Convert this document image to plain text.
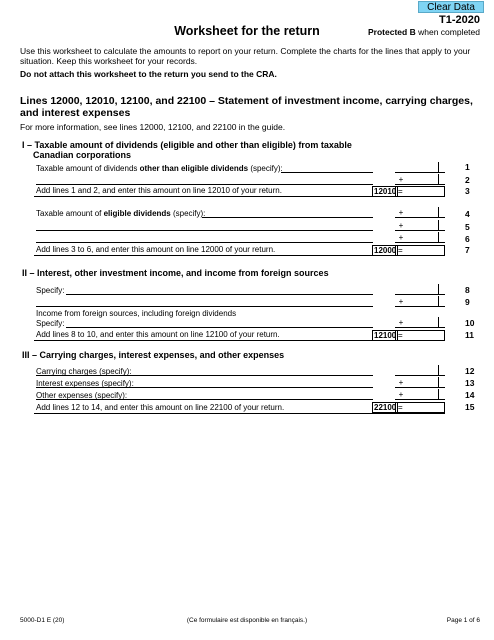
Clear Data
T1-2020
Protected B when completed
Worksheet for the return
Use this worksheet to calculate the amounts to report on your return. Complete the charts for the lines that apply to your situation. Keep this worksheet for your records.
Do not attach this worksheet to the return you send to the CRA.
Lines 12000, 12010, 12100, and 22100 – Statement of investment income, carrying charges, and interest expenses
For more information, see lines 12000, 12100, and 22100 in the guide.
I – Taxable amount of dividends (eligible and other than eligible) from taxable
Canadian corporations
Taxable amount of dividends other than eligible dividends (specify):	1
+	2
Add lines 1 and 2, and enter this amount on line 12010 of your return.	12010 =	3
Taxable amount of eligible dividends (specify):	+	4
+	5
+	6
Add lines 3 to 6, and enter this amount on line 12000 of your return.	12000 =	7
II – Interest, other investment income, and income from foreign sources
Specify:	8
+	9
Income from foreign sources, including foreign dividends
Specify:	+	10
Add lines 8 to 10, and enter this amount on line 12100 of your return.	12100 =	11
III – Carrying charges, interest expenses, and other expenses
Carrying charges (specify):	12
Interest expenses (specify):	+	13
Other expenses (specify):	+	14
Add lines 12 to 14, and enter this amount on line 22100 of your return.	22100 =	15
5000-D1 E (20)	(Ce formulaire est disponible en français.)	Page 1 of 6
